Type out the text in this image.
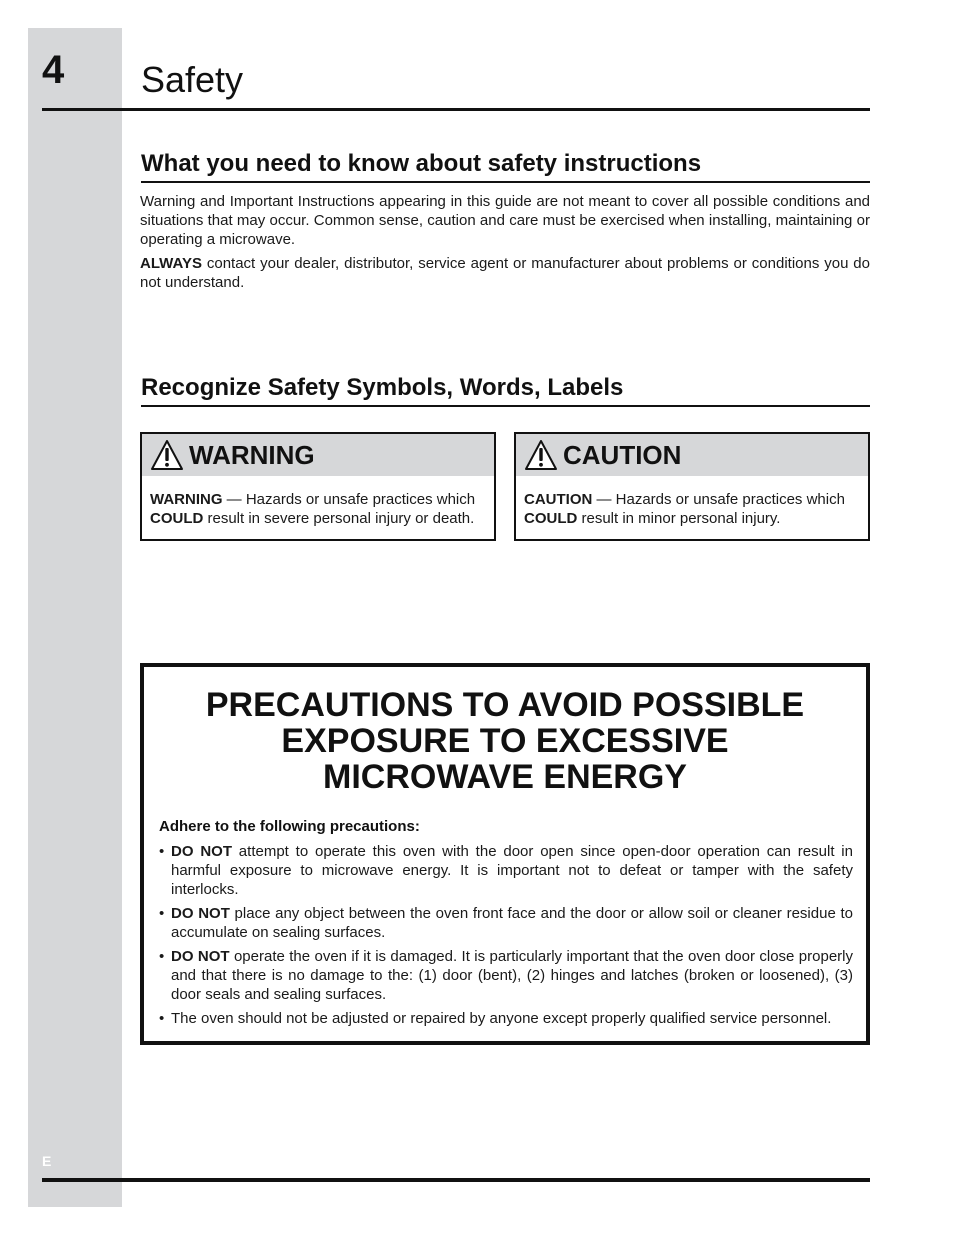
4 Safety
What you need to know about safety instructions
Warning and Important Instructions appearing in this guide are not meant to cover all possible conditions and situations that may occur. Common sense, caution and care must be exercised when installing, maintaining or operating a microwave.
ALWAYS contact your dealer, distributor, service agent or manufacturer about problems or conditions you do not understand.
Recognize Safety Symbols, Words, Labels
WARNING
WARNING — Hazards or unsafe practices which
COULD result in severe personal injury or death.
CAUTION
CAUTION — Hazards or unsafe practices which
COULD result in minor personal injury.
PRECAUTIONS TO AVOID POSSIBLE
EXPOSURE TO EXCESSIVE
MICROWAVE ENERGY
Adhere to the following precautions:
• DO NOT attempt to operate this oven with the door open since open-door operation can result in harmful exposure to microwave energy. It is important not to defeat or tamper with the safety interlocks.
• DO NOT place any object between the oven front face and the door or allow soil or cleaner residue to accumulate on sealing surfaces.
• DO NOT operate the oven if it is damaged. It is particularly important that the oven door close properly and that there is no damage to the: (1) door (bent), (2) hinges and latches (broken or loosened), (3) door seals and sealing surfaces.
• The oven should not be adjusted or repaired by anyone except properly qualified service personnel.
E
